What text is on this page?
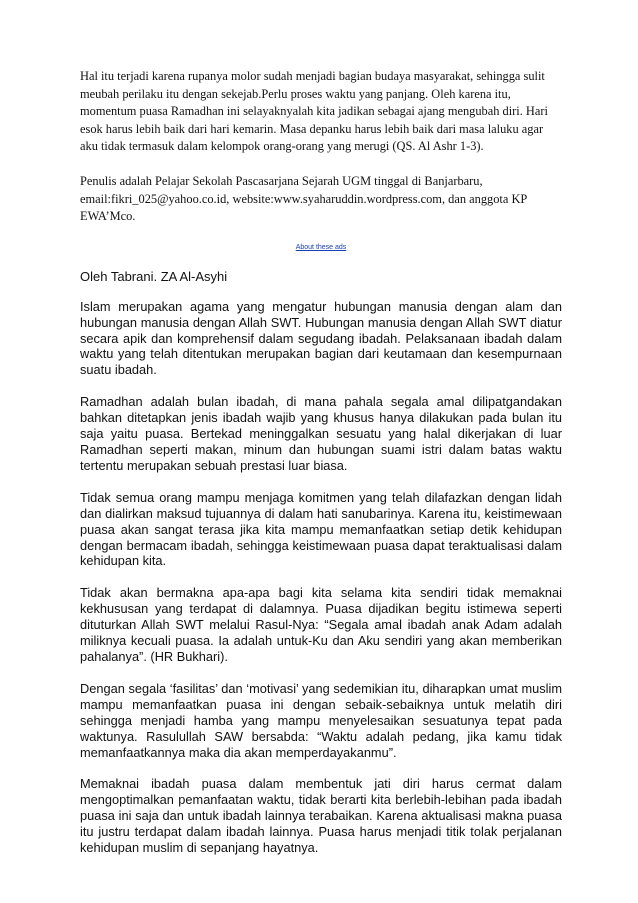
Hal itu terjadi karena rupanya molor sudah menjadi bagian budaya masyarakat, sehingga sulit meubah perilaku itu dengan sekejab.Perlu proses waktu yang panjang. Oleh karena itu, momentum puasa Ramadhan ini selayaknyalah kita jadikan sebagai ajang mengubah diri. Hari esok harus lebih baik dari hari kemarin. Masa depanku harus lebih baik dari masa laluku agar aku tidak termasuk dalam kelompok orang-orang yang merugi (QS. Al Ashr 1-3).

Penulis adalah Pelajar Sekolah Pascasarjana Sejarah UGM tinggal di Banjarbaru, email:fikri_025@yahoo.co.id, website:www.syaharuddin.wordpress.com, dan anggota KP EWA’Mco.

About these ads

Oleh Tabrani. ZA Al-Asyhi

Islam merupakan agama yang mengatur hubungan manusia dengan alam dan hubungan manusia dengan Allah SWT. Hubungan manusia dengan Allah SWT diatur secara apik dan komprehensif dalam segudang ibadah. Pelaksanaan ibadah dalam waktu yang telah ditentukan merupakan bagian dari keutamaan dan kesempurnaan suatu ibadah.

Ramadhan adalah bulan ibadah, di mana pahala segala amal dilipatgandakan bahkan ditetapkan jenis ibadah wajib yang khusus hanya dilakukan pada bulan itu saja yaitu puasa. Bertekad meninggalkan sesuatu yang halal dikerjakan di luar Ramadhan seperti makan, minum dan hubungan suami istri dalam batas waktu tertentu merupakan sebuah prestasi luar biasa.

Tidak semua orang mampu menjaga komitmen yang telah dilafazkan dengan lidah dan dialirkan maksud tujuannya di dalam hati sanubarinya. Karena itu, keistimewaan puasa akan sangat terasa jika kita mampu memanfaatkan setiap detik kehidupan dengan bermacam ibadah, sehingga keistimewaan puasa dapat teraktualisasi dalam kehidupan kita.

Tidak akan bermakna apa-apa bagi kita selama kita sendiri tidak memaknai kekhususan yang terdapat di dalamnya. Puasa dijadikan begitu istimewa seperti dituturkan Allah SWT melalui Rasul-Nya: “Segala amal ibadah anak Adam adalah miliknya kecuali puasa. Ia adalah untuk-Ku dan Aku sendiri yang akan memberikan pahalanya”. (HR Bukhari).

Dengan segala ‘fasilitas’ dan ‘motivasi’ yang sedemikian itu, diharapkan umat muslim mampu memanfaatkan puasa ini dengan sebaik-sebaiknya untuk melatih diri sehingga menjadi hamba yang mampu menyelesaikan sesuatunya tepat pada waktunya. Rasulullah SAW bersabda: “Waktu adalah pedang, jika kamu tidak memanfaatkannya maka dia akan memperdayakanmu”.

Memaknai ibadah puasa dalam membentuk jati diri harus cermat dalam mengoptimalkan pemanfaatan waktu, tidak berarti kita berlebih-lebihan pada ibadah puasa ini saja dan untuk ibadah lainnya terabaikan. Karena aktualisasi makna puasa itu justru terdapat dalam ibadah lainnya. Puasa harus menjadi titik tolak perjalanan kehidupan muslim di sepanjang hayatnya.
